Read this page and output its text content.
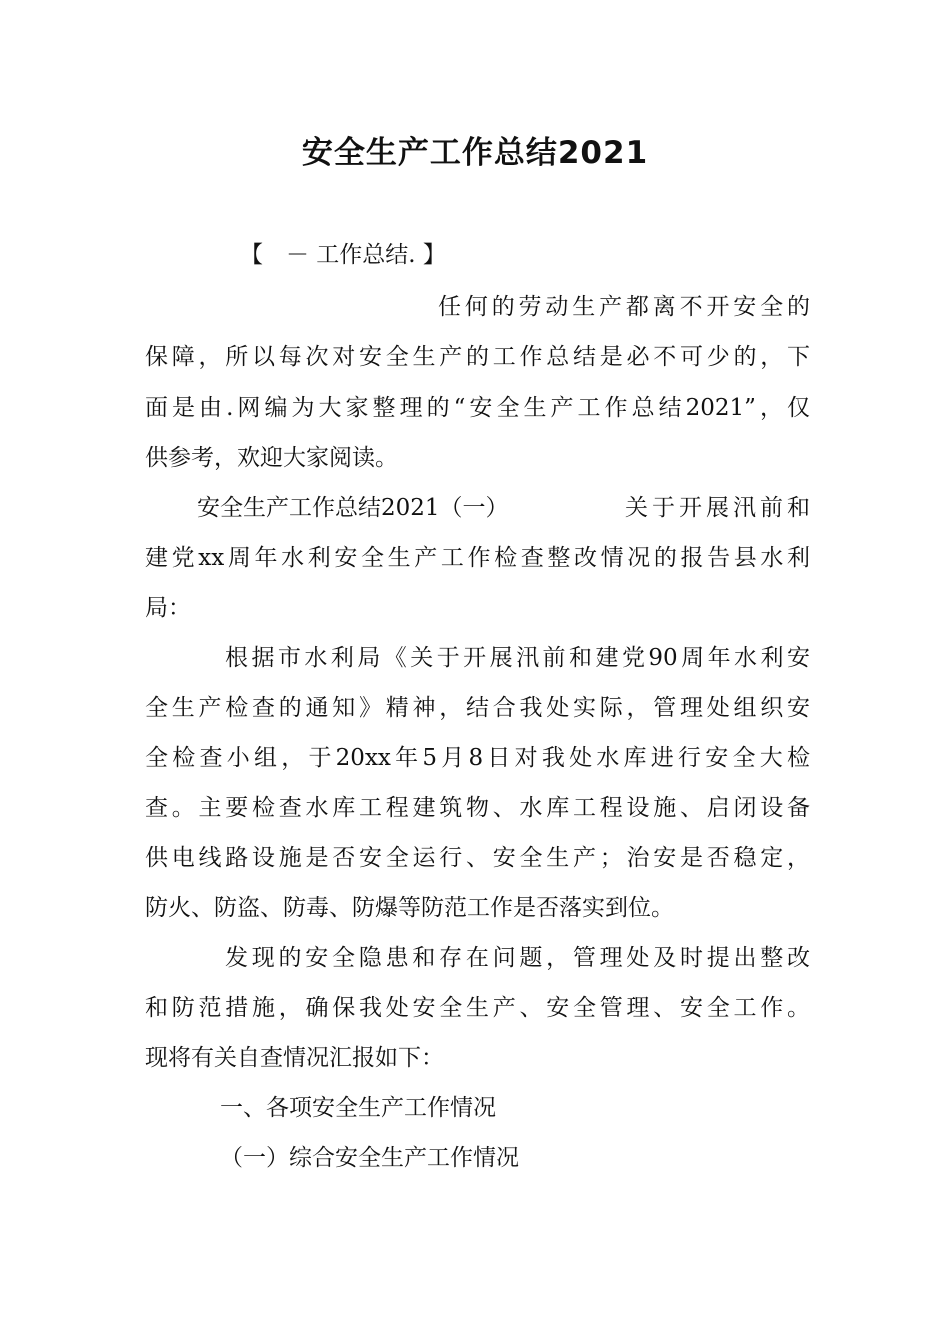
安全生产工作总结2021
【　－ 工作总结. 】
任何的劳动生产都离不开安全的
保障，所以每次对安全生产的工作总结是必不可少的，下
面是由.网编为大家整理的“安全生产工作总结2021”，仅
供参考，欢迎大家阅读。
安全生产工作总结2021（一）	关于开展汛前和
建党xx周年水利安全生产工作检查整改情况的报告县水利
局：
根据市水利局《关于开展汛前和建党90周年水利安
全生产检查的通知》精神，结合我处实际，管理处组织安
全检查小组，于20xx年5月8日对我处水库进行安全大检
查。主要检查水库工程建筑物、水库工程设施、启闭设备
供电线路设施是否安全运行、安全生产；治安是否稳定，
防火、防盗、防毒、防爆等防范工作是否落实到位。
发现的安全隐患和存在问题，管理处及时提出整改
和防范措施，确保我处安全生产、安全管理、安全工作。
现将有关自查情况汇报如下：
一、各项安全生产工作情况
（一）综合安全生产工作情况
